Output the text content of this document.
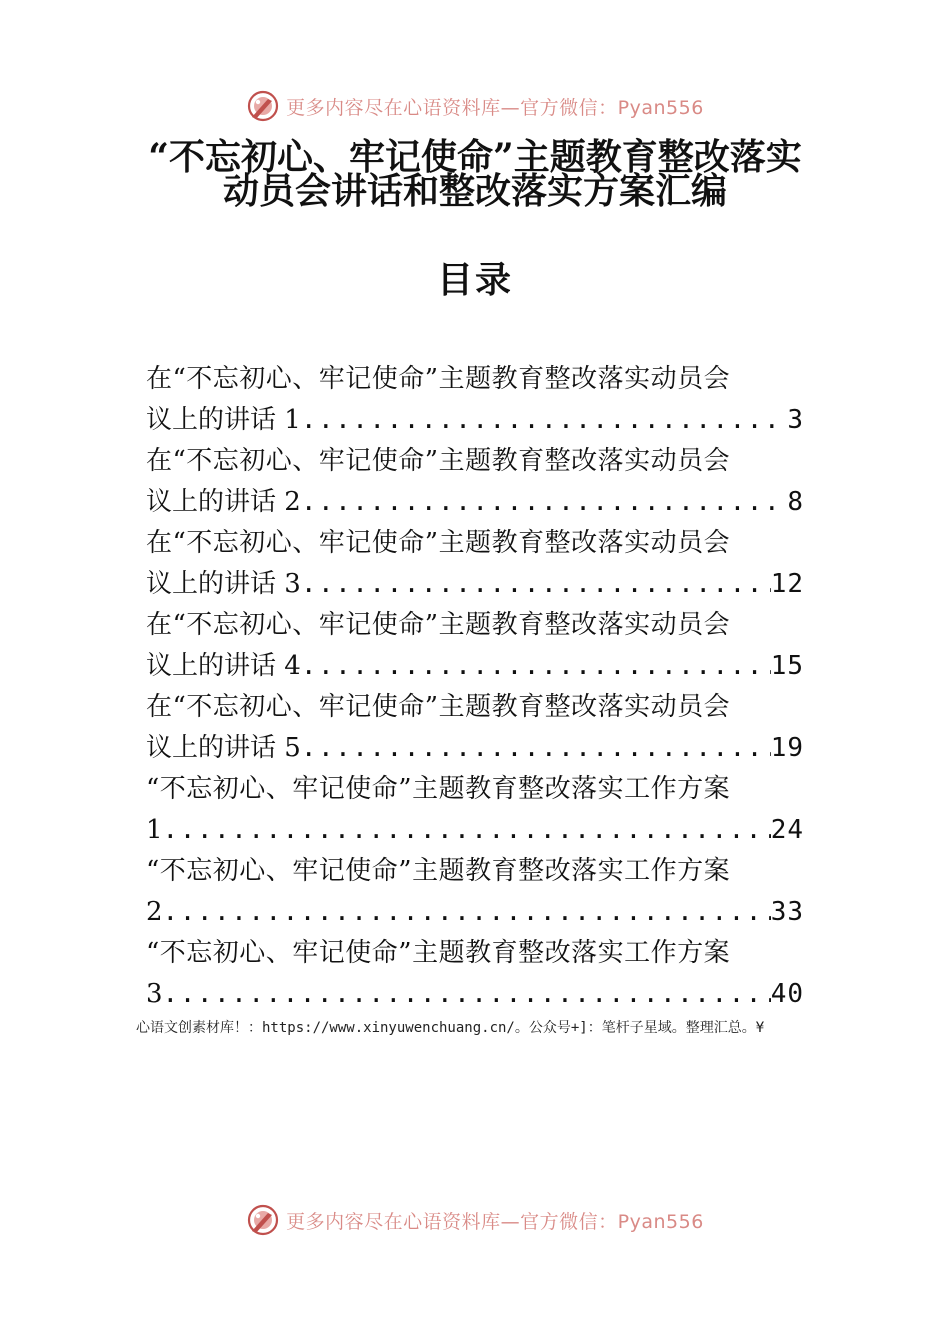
更多内容尽在心语资料库—官方微信：Pyan556
“不忘初心、牢记使命”主题教育整改落实
动员会讲话和整改落实方案汇编
目录
在“不忘初心、牢记使命”主题教育整改落实动员会
议上的讲话 1 .....	3
在“不忘初心、牢记使命”主题教育整改落实动员会
议上的讲话 2 .....	8
在“不忘初心、牢记使命”主题教育整改落实动员会
议上的讲话 3 .....	12
在“不忘初心、牢记使命”主题教育整改落实动员会
议上的讲话 4 .....	15
在“不忘初心、牢记使命”主题教育整改落实动员会
议上的讲话 5 .....	19
“不忘初心、牢记使命”主题教育整改落实工作方案
1 .....	24
“不忘初心、牢记使命”主题教育整改落实工作方案
2 .....	33
“不忘初心、牢记使命”主题教育整改落实工作方案
3 .....	40
心语文创素材库！：https://www.xinyuwenchuang.cn/。公众号+]：笔杆子星域。整理汇总。¥
更多内容尽在心语资料库—官方微信：Pyan556
